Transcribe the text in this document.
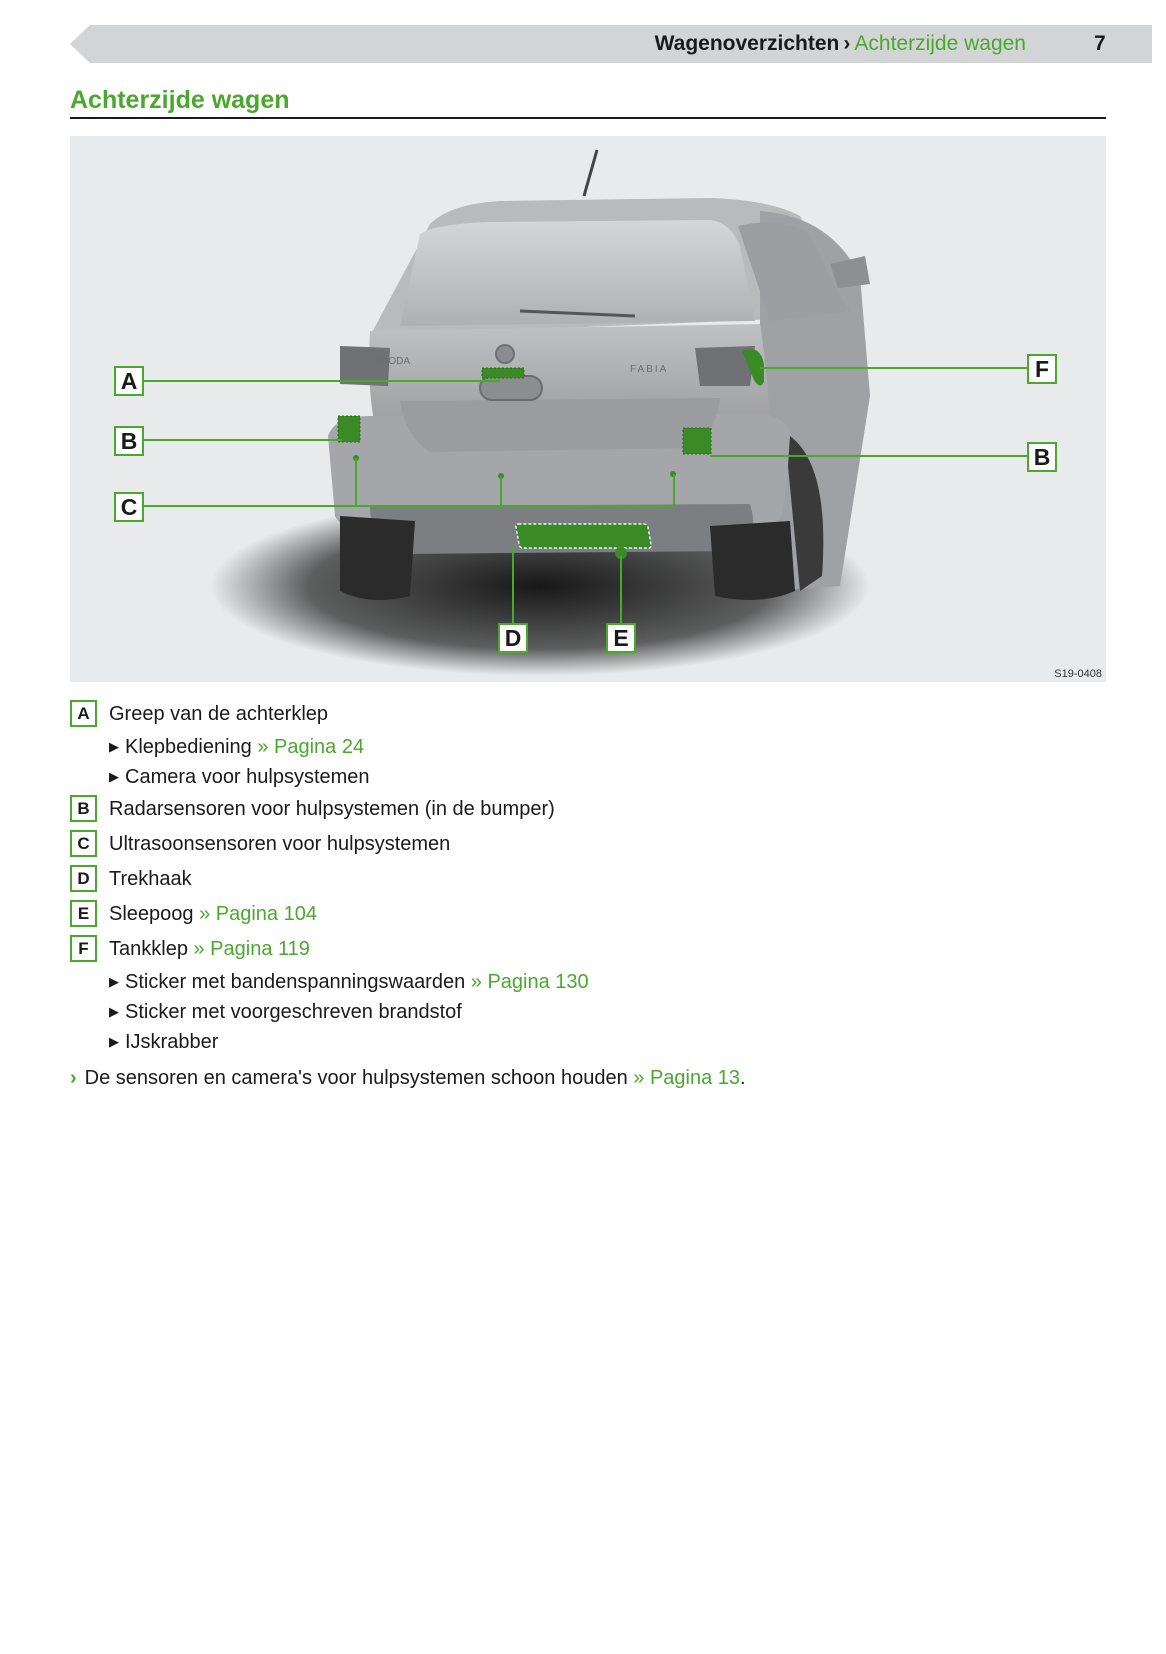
Wagenoverzichten › Achterzijde wagen	7
Achterzijde wagen
ŠKODA
FABIA
A
B
C
D	E
F
B
S19-0408
A Greep van de achterklep
▶ Klepbediening » Pagina 24
▶ Camera voor hulpsystemen
B Radarsensoren voor hulpsystemen (in de bumper)
C Ultrasoonsensoren voor hulpsystemen
D Trekhaak
E Sleepoog » Pagina 104
F	Tankklep » Pagina 119
▶ Sticker met bandenspanningswaarden » Pagina 130
▶ Sticker met voorgeschreven brandstof
▶ IJskrabber
› De sensoren en camera's voor hulpsystemen schoon houden » Pagina 13.
